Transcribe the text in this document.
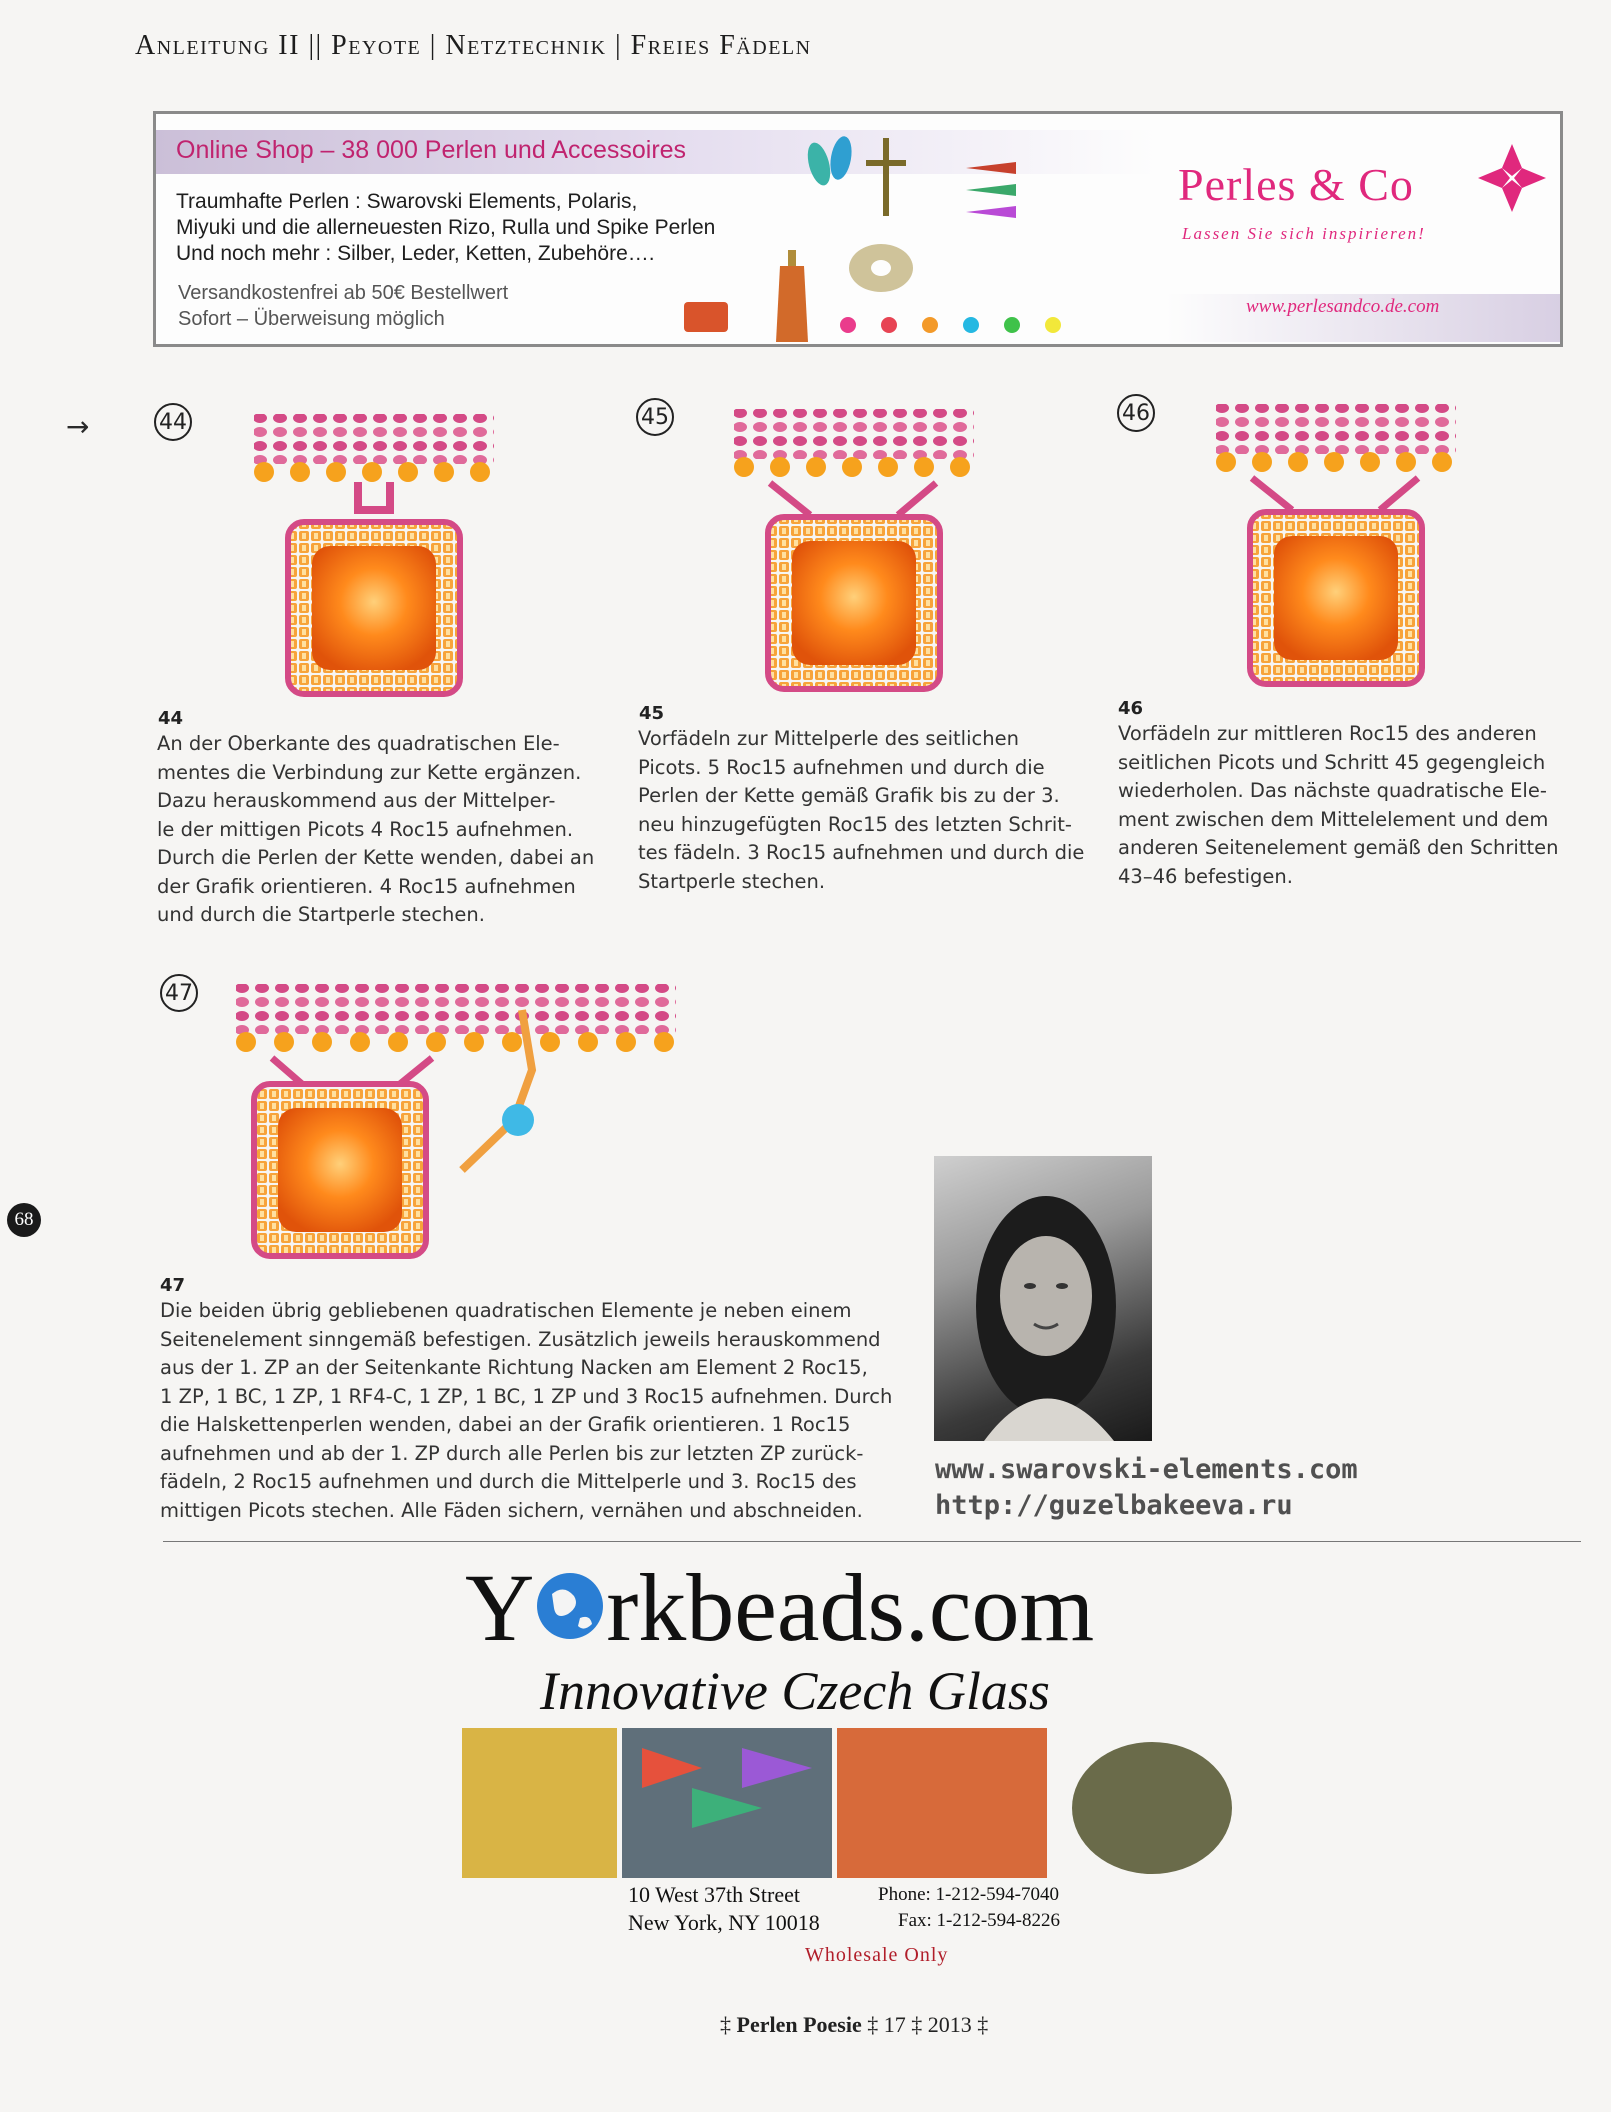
Anleitung II || Peyote | Netztechnik | Freies Fädeln
Online Shop – 38 000 Perlen und Accessoires
Traumhafte Perlen : Swarovski Elements, Polaris,
Miyuki und die allerneuesten Rizo, Rulla und Spike Perlen
Und noch mehr : Silber, Leder, Ketten, Zubehöre….
Versandkostenfrei ab 50€ Bestellwert
Sofort – Überweisung möglich
Perles & Co
Lassen Sie sich inspirieren!
www.perlesandco.de.com
→	44
44
An der Oberkante des quadratischen Ele-
mentes die Verbindung zur Kette ergänzen.
Dazu herauskommend aus der Mittelper-
le der mittigen Picots 4 Roc15 aufnehmen.
Durch die Perlen der Kette wenden, dabei an
der Grafik orientieren. 4 Roc15 aufnehmen
und durch die Startperle stechen.
45
45
Vorfädeln zur Mittelperle des seitlichen
Picots. 5 Roc15 aufnehmen und durch die
Perlen der Kette gemäß Grafik bis zu der 3.
neu hinzugefügten Roc15 des letzten Schrit-
tes fädeln. 3 Roc15 aufnehmen und durch die
Startperle stechen.
46
46
Vorfädeln zur mittleren Roc15 des anderen
seitlichen Picots und Schritt 45 gegengleich
wiederholen. Das nächste quadratische Ele-
ment zwischen dem Mittelelement und dem
anderen Seitenelement gemäß den Schritten
43–46 befestigen.
47
47
Die beiden übrig gebliebenen quadratischen Elemente je neben einem
Seitenelement sinngemäß befestigen. Zusätzlich jeweils herauskommend
aus der 1. ZP an der Seitenkante Richtung Nacken am Element 2 Roc15,
1 ZP, 1 BC, 1 ZP, 1 RF4-C, 1 ZP, 1 BC, 1 ZP und 3 Roc15 aufnehmen. Durch
die Halskettenperlen wenden, dabei an der Grafik orientieren. 1 Roc15
aufnehmen und ab der 1. ZP durch alle Perlen bis zur letzten ZP zurück-
fädeln, 2 Roc15 aufnehmen und durch die Mittelperle und 3. Roc15 des
mittigen Picots stechen. Alle Fäden sichern, vernähen und abschneiden.
68
www.swarovski-elements.com
http://guzelbakeeva.ru
Y rkbeads.com
Innovative Czech Glass
10 West 37th Street
New York, NY 10018
Phone: 1-212-594-7040
Fax: 1-212-594-8226
Wholesale Only
‡ Perlen Poesie ‡ 17 ‡ 2013 ‡
